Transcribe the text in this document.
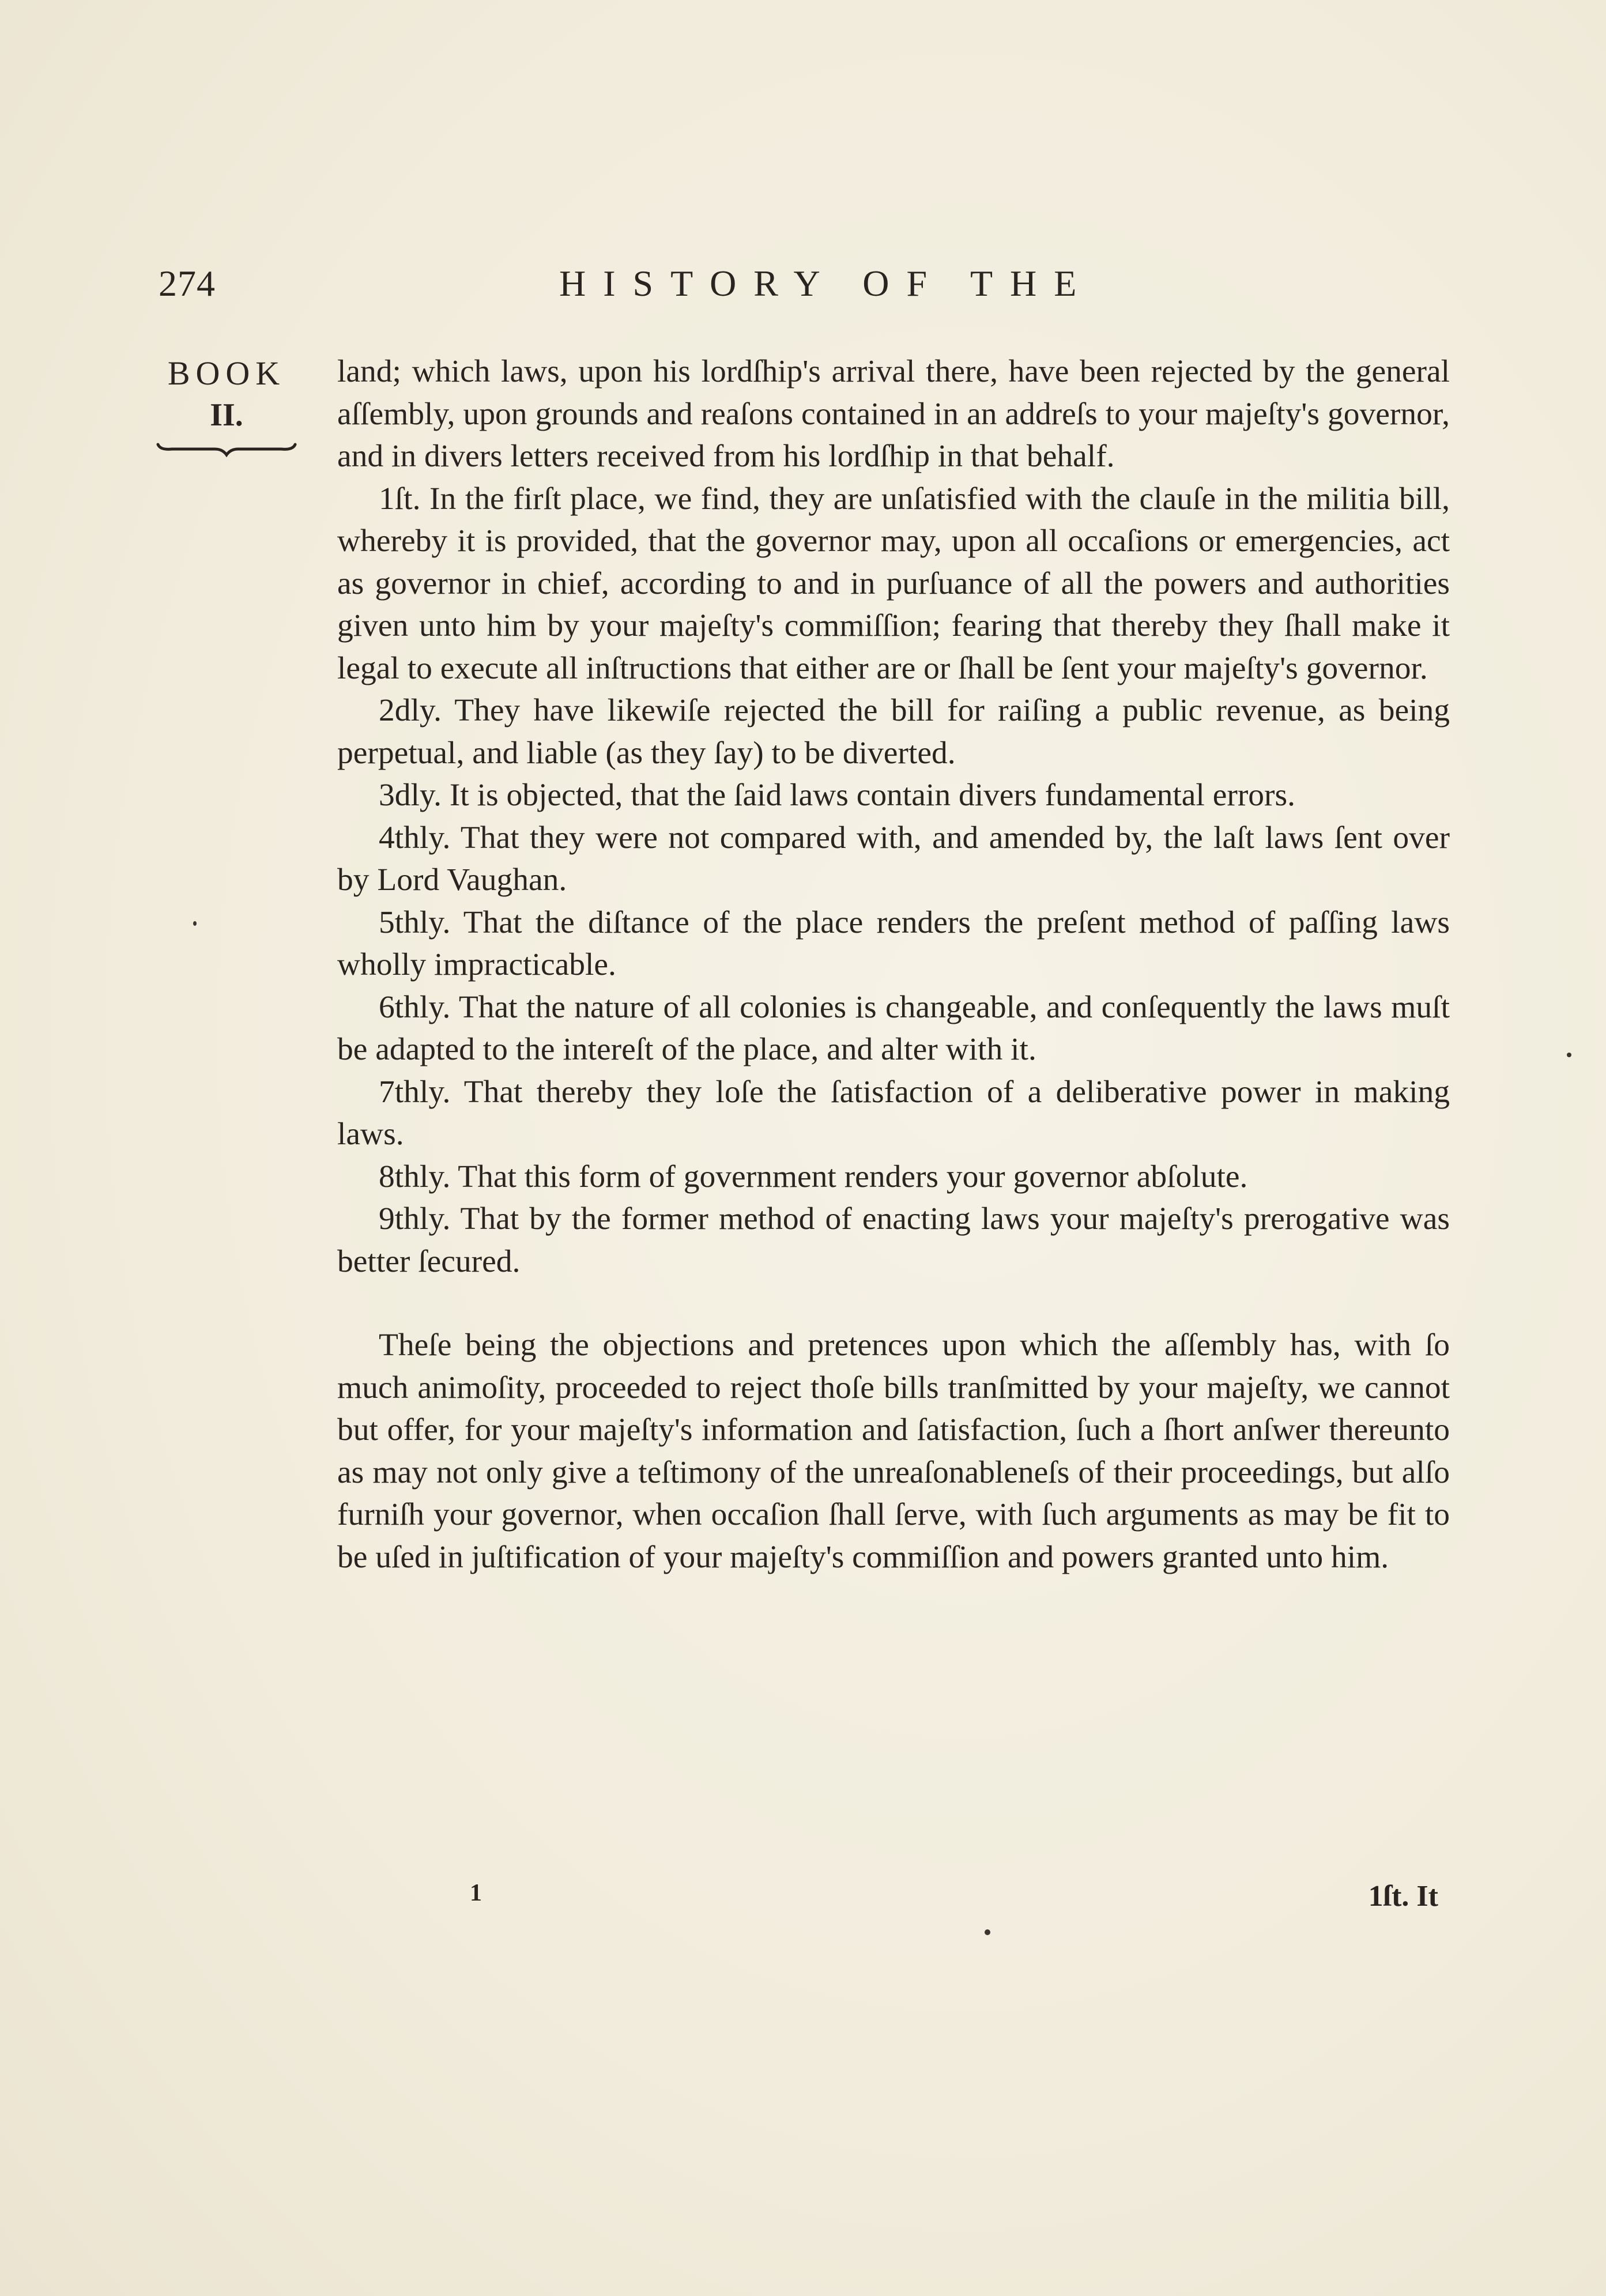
274	HISTORY OF THE
BOOK
II.

land; which laws, upon his lordſhip's arrival there, have been rejected by the general aſſembly, upon grounds and reaſons contained in an addreſs to your majeſty's governor, and in divers letters received from his lordſhip in that behalf.

1ſt. In the firſt place, we find, they are unſatisfied with the clauſe in the militia bill, whereby it is provided, that the governor may, upon all occaſions or emergencies, act as governor in chief, according to and in purſuance of all the powers and authorities given unto him by your majeſty's commiſſion; fearing that thereby they ſhall make it legal to execute all inſtructions that either are or ſhall be ſent your majeſty's governor.

2dly. They have likewiſe rejected the bill for raiſing a public revenue, as being perpetual, and liable (as they ſay) to be diverted.

3dly. It is objected, that the ſaid laws contain divers fundamental errors.

4thly. That they were not compared with, and amended by, the laſt laws ſent over by Lord Vaughan.

5thly. That the diſtance of the place renders the preſent method of paſſing laws wholly impracticable.

6thly. That the nature of all colonies is changeable, and conſequently the laws muſt be adapted to the intereſt of the place, and alter with it.

7thly. That thereby they loſe the ſatisfaction of a deliberative power in making laws.

8thly. That this form of government renders your governor abſolute.

9thly. That by the former method of enacting laws your majeſty's prerogative was better ſecured.

Theſe being the objections and pretences upon which the aſſembly has, with ſo much animoſity, proceeded to reject thoſe bills tranſmitted by your majeſty, we cannot but offer, for your majeſty's information and ſatisfaction, ſuch a ſhort anſwer thereunto as may not only give a teſtimony of the unreaſonableneſs of their proceedings, but alſo furniſh your governor, when occaſion ſhall ſerve, with ſuch arguments as may be fit to be uſed in juſtification of your majeſty's commiſſion and powers granted unto him.

1	1ſt. It
